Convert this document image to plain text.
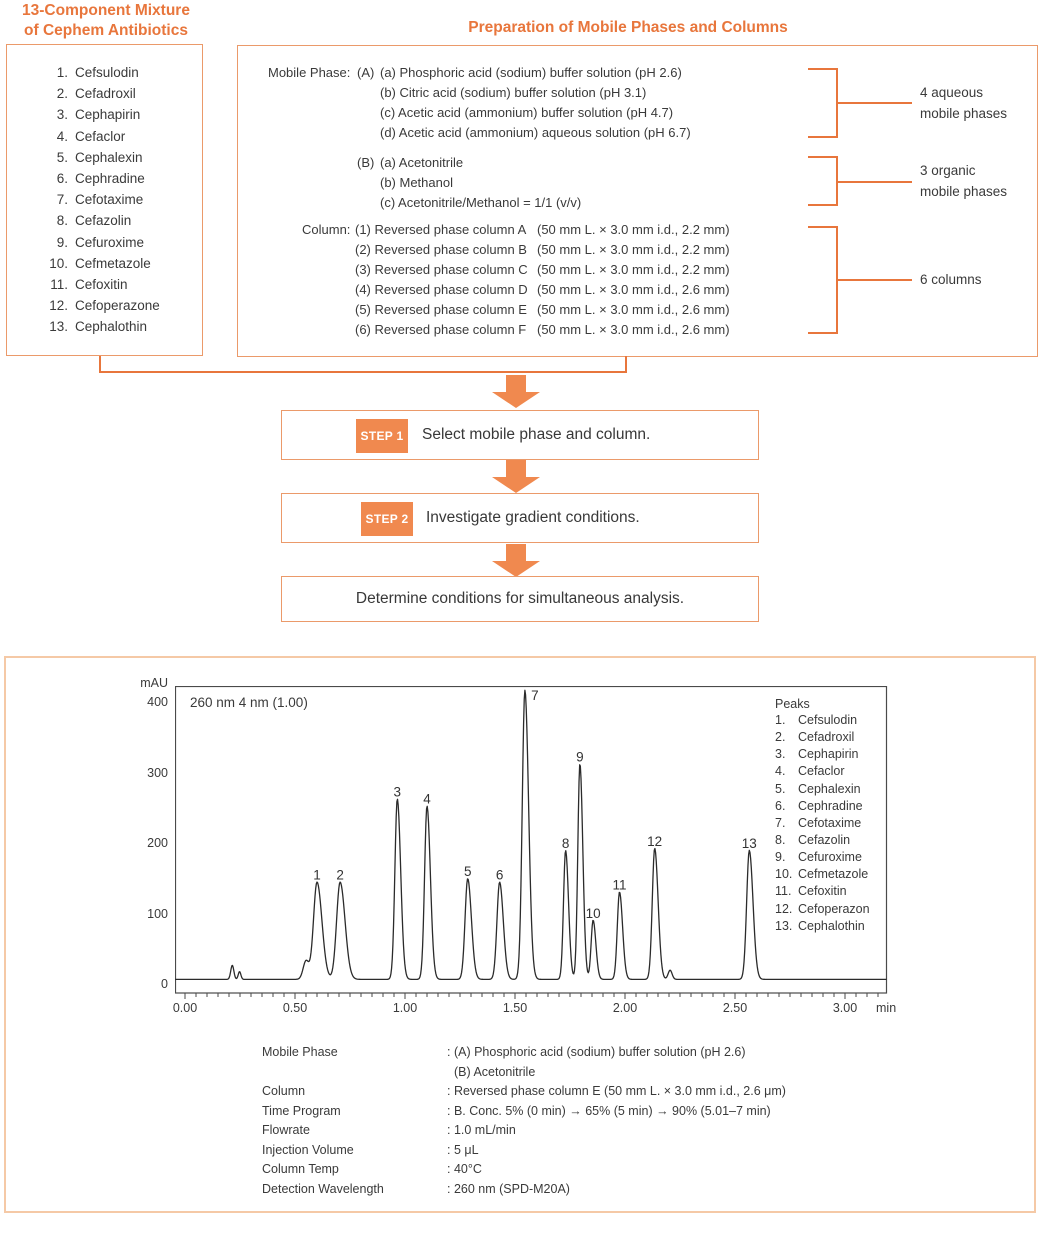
13-Component Mixture
of Cephem Antibiotics	Preparation of Mobile Phases and Columns
1. Cefsulodin
2. Cefadroxil
3. Cephapirin
4. Cefaclor
5. Cephalexin
6. Cephradine
7. Cefotaxime
8. Cefazolin
9. Cefuroxime
10. Cefmetazole
11. Cefoxitin
12. Cefoperazone
13. Cephalothin
Mobile Phase: (A) (a) Phosphoric acid (sodium) buffer solution (pH 2.6)
(b) Citric acid (sodium) buffer solution (pH 3.1)
(c) Acetic acid (ammonium) buffer solution (pH 4.7)
(d) Acetic acid (ammonium) aqueous solution (pH 6.7)
(B) (a) Acetonitrile
(b) Methanol
(c) Acetonitrile/Methanol = 1/1 (v/v)
Column: (1) Reversed phase column A (50 mm L. × 3.0 mm i.d., 2.2 mm)
(2) Reversed phase column B (50 mm L. × 3.0 mm i.d., 2.2 mm)
(3) Reversed phase column C (50 mm L. × 3.0 mm i.d., 2.2 mm)
(4) Reversed phase column D (50 mm L. × 3.0 mm i.d., 2.6 mm)
(5) Reversed phase column E (50 mm L. × 3.0 mm i.d., 2.6 mm)
(6) Reversed phase column F (50 mm L. × 3.0 mm i.d., 2.6 mm)
4 aqueous
mobile phases
3 organic
mobile phases
6 columns
STEP 1 Select mobile phase and column.
STEP 2 Investigate gradient conditions.
Determine conditions for simultaneous analysis.
mAU
0
100
200
300
400 260 nm 4 nm (1.00)
1 2
3 4
5 6
7
8
9
10
11
12	13
0.00	0.50	1.00	1.50	2.00	2.50	3.00 min
Peaks
1.	Cefsulodin
2.	Cefadroxil
3.	Cephapirin
4.	Cefaclor
5.	Cephalexin
6.	Cephradine
7.	Cefotaxime
8.	Cefazolin
9.	Cefuroxime
10. Cefmetazole
11. Cefoxitin
12. Cefoperazon
13. Cephalothin
Mobile Phase	: (A) Phosphoric acid (sodium) buffer solution (pH 2.6)
(B) Acetonitrile
Column	: Reversed phase column E (50 mm L. × 3.0 mm i.d., 2.6 μm)
Time Program	: B. Conc. 5% (0 min) → 65% (5 min) → 90% (5.01–7 min)
Flowrate	: 1.0 mL/min
Injection Volume	: 5 μL
Column Temp	: 40°C
Detection Wavelength	: 260 nm (SPD-M20A)
